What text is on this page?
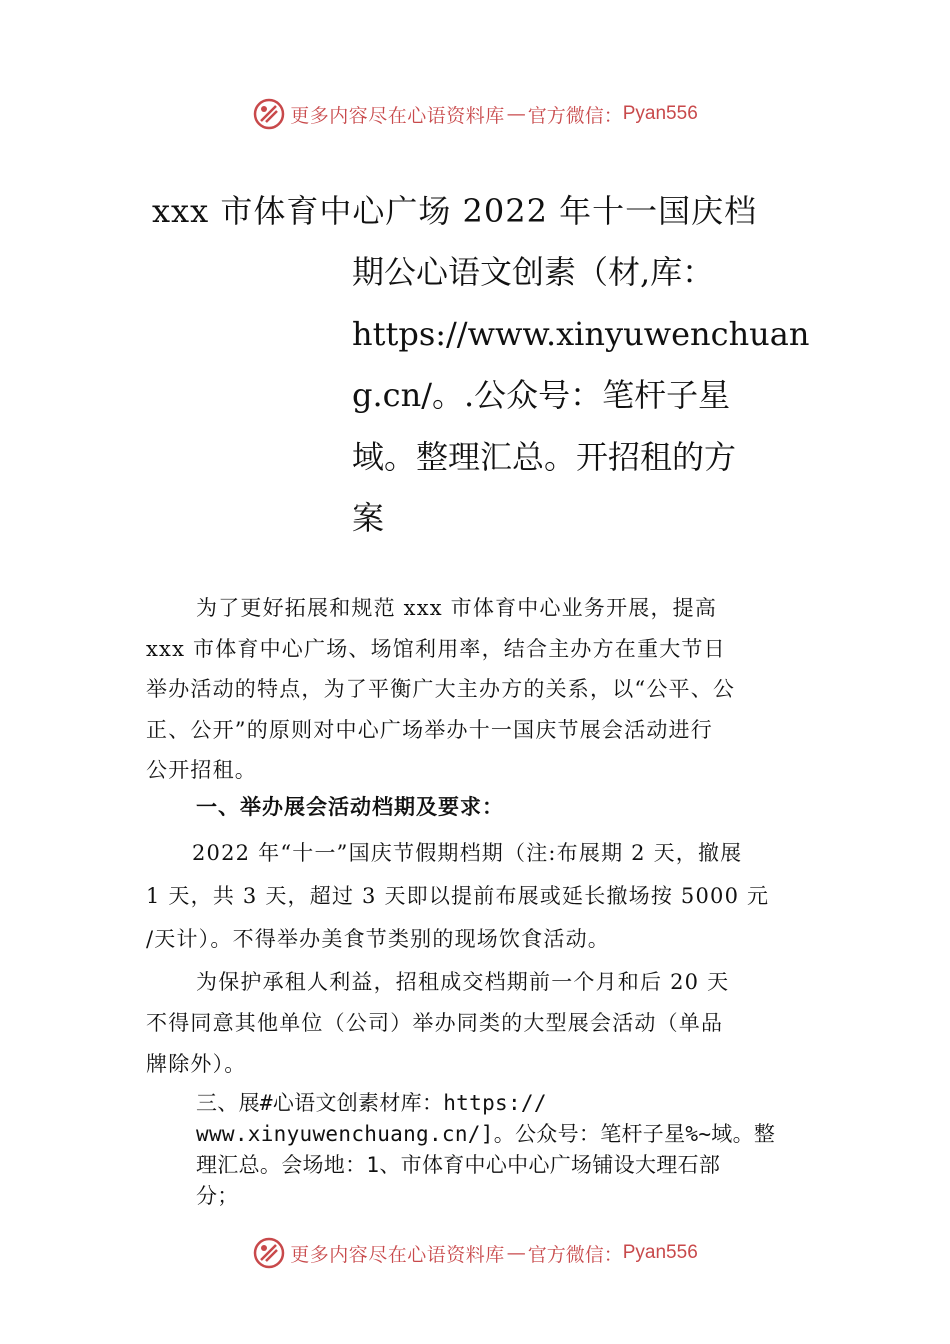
更多内容尽在心语资料库 — 官方微信： Pyan556
xxx 市体育中心广场 2022 年十一国庆档
期公心语文创素（材,库：
https://www.xinyuwenchuan
g.cn/。.公众号：笔杆子星
域。整理汇总。开招租的方
案
为了更好拓展和规范 xxx 市体育中心业务开展，提高
xxx 市体育中心广场、场馆利用率，结合主办方在重大节日
举办活动的特点，为了平衡广大主办方的关系，以“公平、公
正、公开”的原则对中心广场举办十一国庆节展会活动进行
公开招租。
一、举办展会活动档期及要求：
2022 年“十一”国庆节假期档期（注:布展期 2 天，撤展
1 天，共 3 天，超过 3 天即以提前布展或延长撤场按 5000 元
/天计）。不得举办美食节类别的现场饮食活动。
为保护承租人利益，招租成交档期前一个月和后 20 天
不得同意其他单位（公司）举办同类的大型展会活动（单品
牌除外）。
三、展#心语文创素材库：https://
www.xinyuwenchuang.cn/]。公众号：笔杆子星%~域。整
理汇总。会场地：1、市体育中心中心广场铺设大理石部
分；
更多内容尽在心语资料库 — 官方微信： Pyan556
